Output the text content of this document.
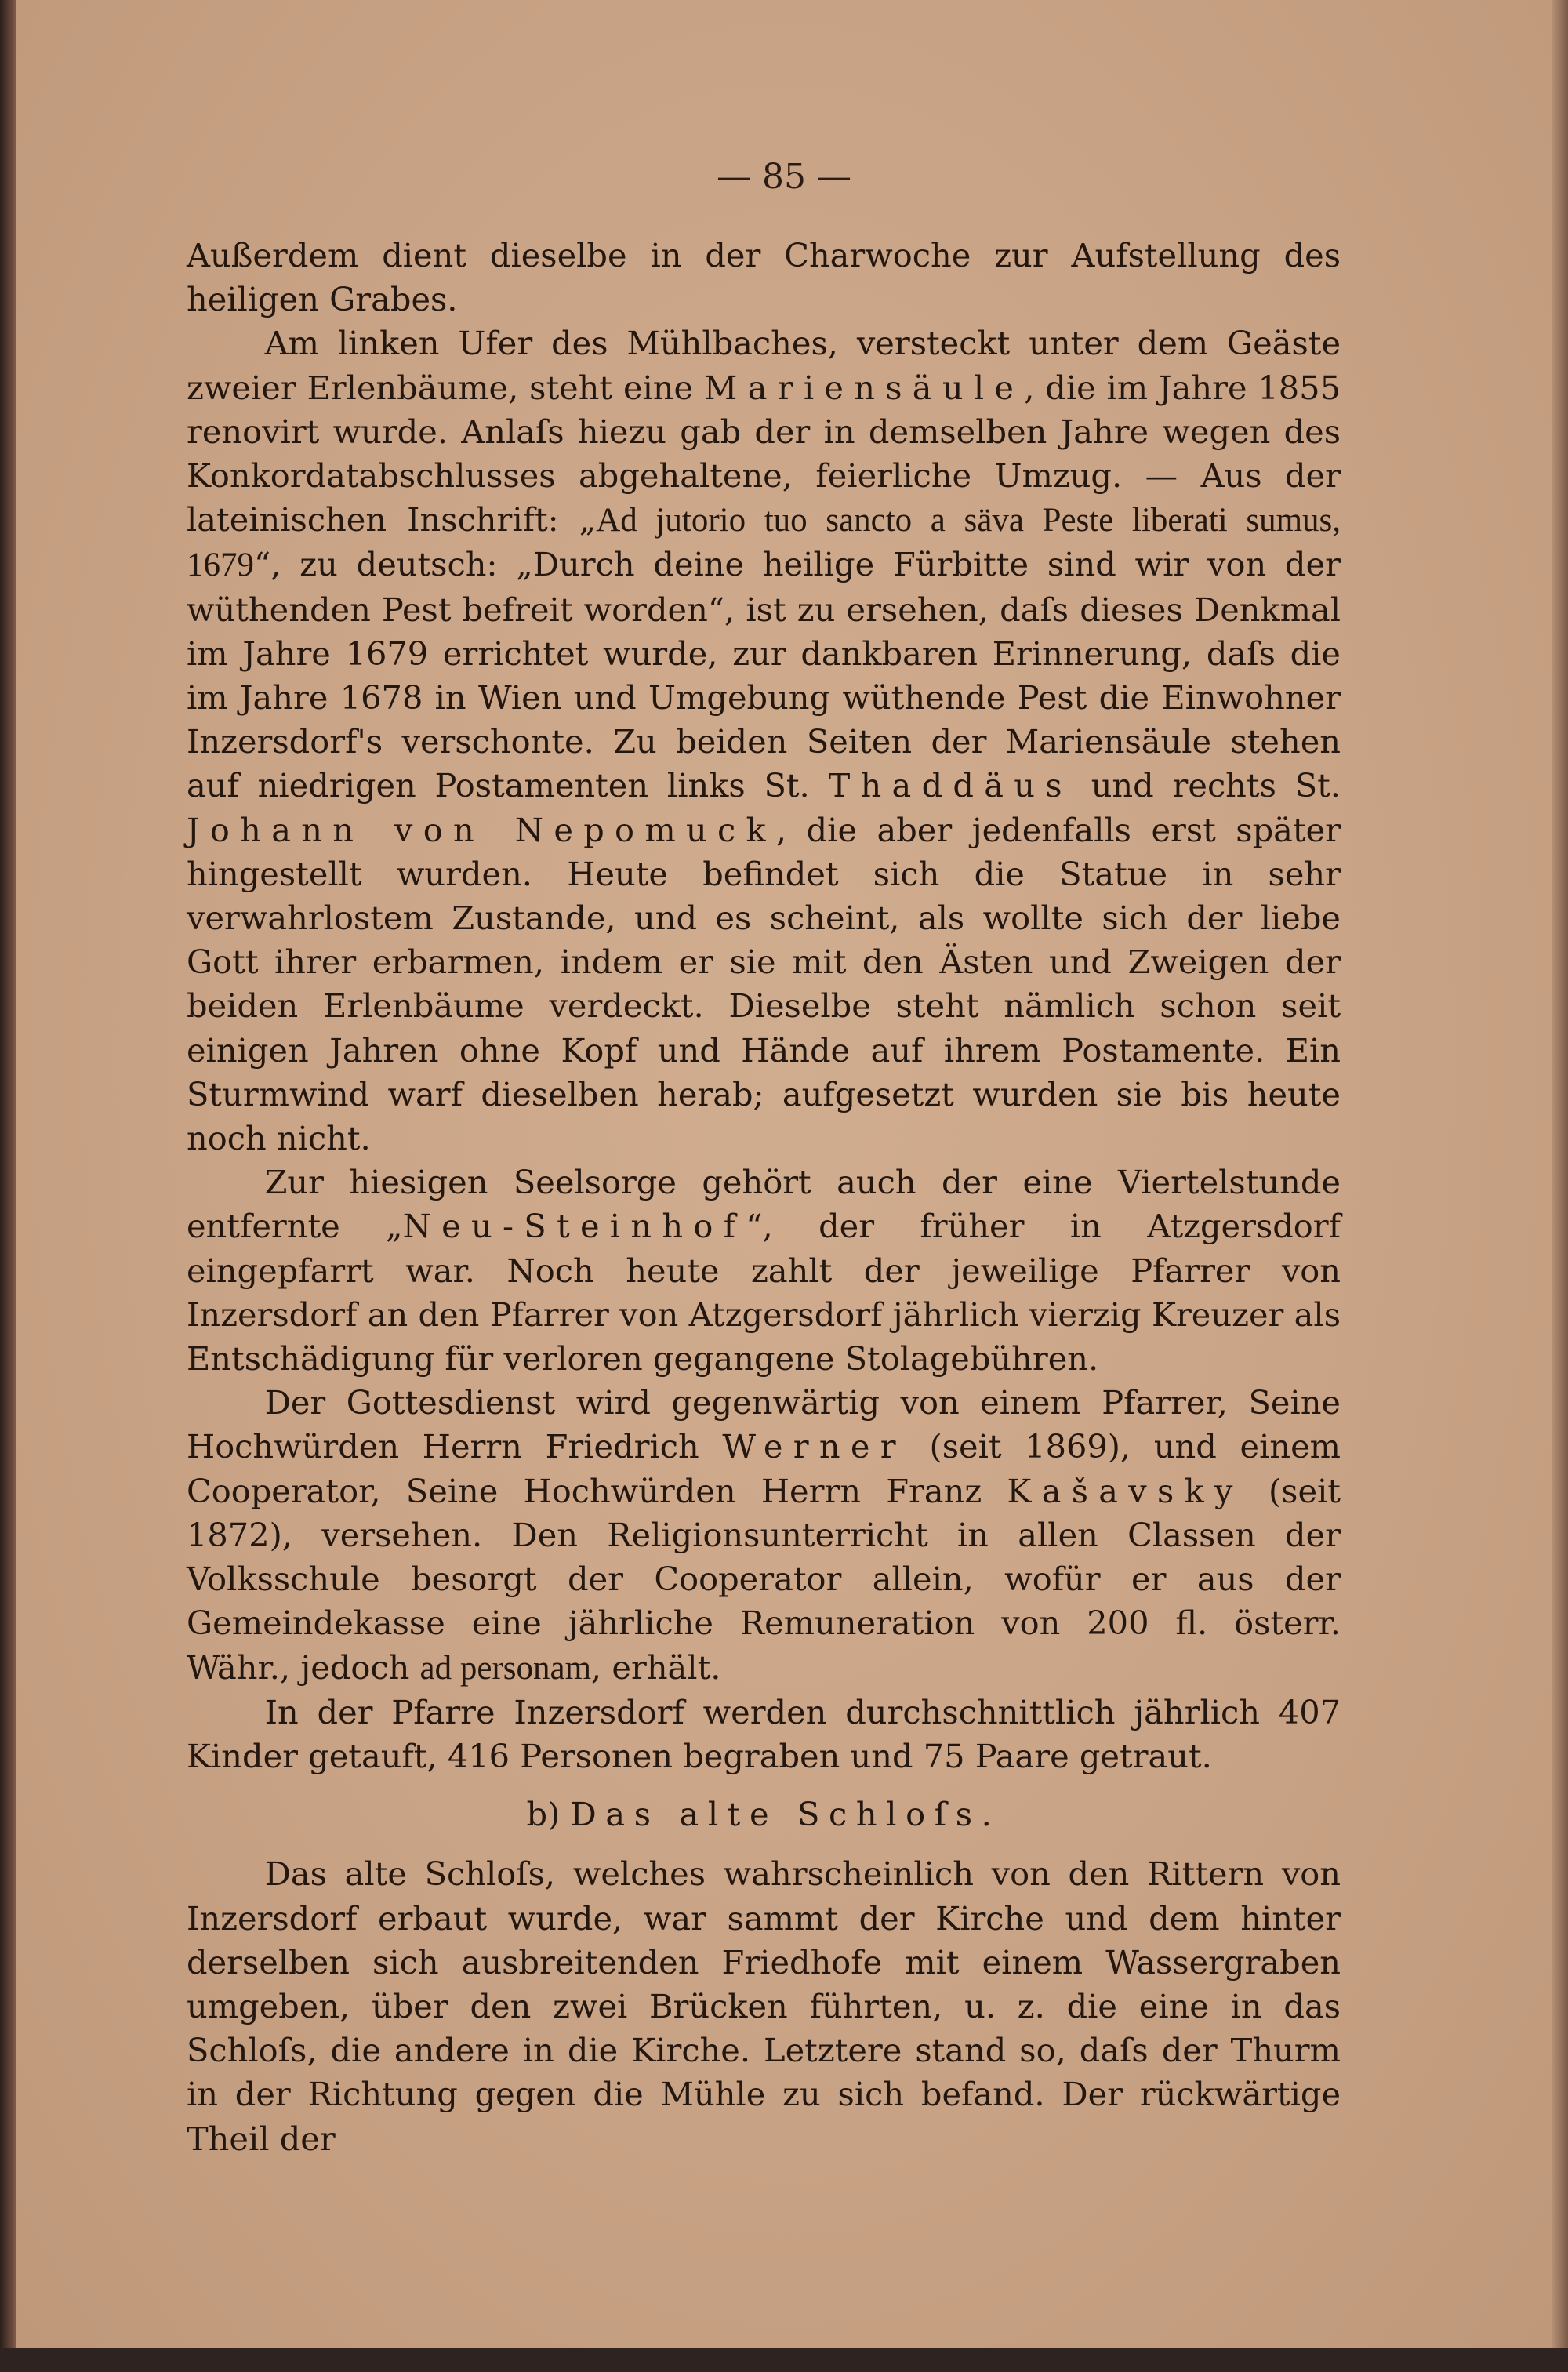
— 85 —

Außerdem dient dieselbe in der Charwoche zur Aufstellung des heiligen Grabes.

Am linken Ufer des Mühlbaches, versteckt unter dem Geäste zweier Erlenbäume, steht eine Mariensäule, die im Jahre 1855 renovirt wurde. Anlaſs hiezu gab der in demselben Jahre wegen des Konkordatabschlusses abgehaltene, feierliche Umzug. — Aus der lateinischen Inschrift: „Ad jutorio tuo sancto a säva Peste liberati sumus, 1679“, zu deutsch: „Durch deine heilige Fürbitte sind wir von der wüthenden Pest befreit worden“, ist zu ersehen, daſs dieses Denkmal im Jahre 1679 errichtet wurde, zur dankbaren Erinnerung, daſs die im Jahre 1678 in Wien und Umgebung wüthende Pest die Einwohner Inzersdorf's verschonte. Zu beiden Seiten der Mariensäule stehen auf niedrigen Postamenten links St. Thaddäus und rechts St. Johann von Nepomuck, die aber jedenfalls erst später hingestellt wurden. Heute befindet sich die Statue in sehr verwahrlostem Zustande, und es scheint, als wollte sich der liebe Gott ihrer erbarmen, indem er sie mit den Ästen und Zweigen der beiden Erlenbäume verdeckt. Dieselbe steht nämlich schon seit einigen Jahren ohne Kopf und Hände auf ihrem Postamente. Ein Sturmwind warf dieselben herab; aufgesetzt wurden sie bis heute noch nicht.

Zur hiesigen Seelsorge gehört auch der eine Viertelstunde entfernte „Neu-Steinhof“, der früher in Atzgersdorf eingepfarrt war. Noch heute zahlt der jeweilige Pfarrer von Inzersdorf an den Pfarrer von Atzgersdorf jährlich vierzig Kreuzer als Entschädigung für verloren gegangene Stolagebühren.

Der Gottesdienst wird gegenwärtig von einem Pfarrer, Seine Hochwürden Herrn Friedrich Werner (seit 1869), und einem Cooperator, Seine Hochwürden Herrn Franz Kašavsky (seit 1872), versehen. Den Religionsunterricht in allen Classen der Volksschule besorgt der Cooperator allein, wofür er aus der Gemeindekasse eine jährliche Remuneration von 200 fl. österr. Währ., jedoch ad personam, erhält.

In der Pfarre Inzersdorf werden durchschnittlich jährlich 407 Kinder getauft, 416 Personen begraben und 75 Paare getraut.

b) Das alte Schloſs.

Das alte Schloſs, welches wahrscheinlich von den Rittern von Inzersdorf erbaut wurde, war sammt der Kirche und dem hinter derselben sich ausbreitenden Friedhofe mit einem Wassergraben umgeben, über den zwei Brücken führten, u. z. die eine in das Schloſs, die andere in die Kirche. Letztere stand so, daſs der Thurm in der Richtung gegen die Mühle zu sich befand. Der rückwärtige Theil der
